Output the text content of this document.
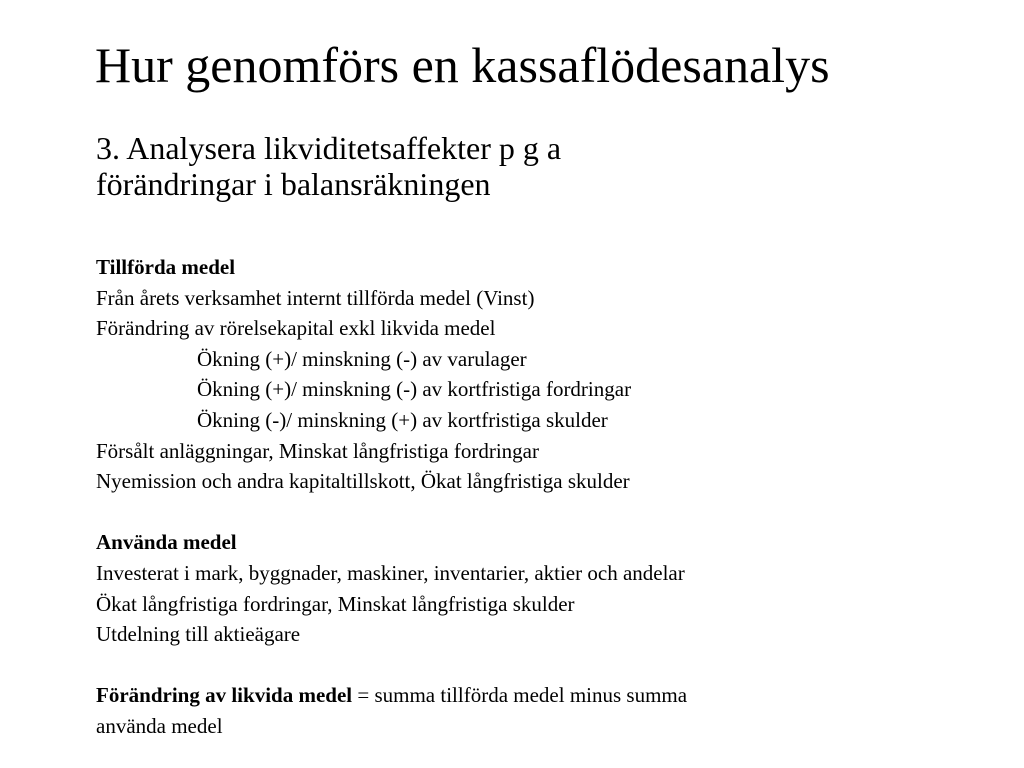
Hur genomförs en kassaflödesanalys
3. Analysera likviditetsaffekter p g a
förändringar i balansräkningen
Tillförda medel
Från årets verksamhet internt tillförda medel (Vinst)
Förändring av rörelsekapital exkl likvida medel
Ökning (+)/ minskning (-) av varulager
Ökning (+)/ minskning (-) av kortfristiga fordringar
Ökning (-)/ minskning (+) av kortfristiga skulder
Försålt anläggningar, Minskat långfristiga fordringar
Nyemission och andra kapitaltillskott, Ökat långfristiga skulder
Använda medel
Investerat i mark, byggnader, maskiner, inventarier, aktier och andelar
Ökat långfristiga fordringar, Minskat långfristiga skulder
Utdelning till aktieägare
Förändring av likvida medel = summa tillförda medel minus summa
använda medel
